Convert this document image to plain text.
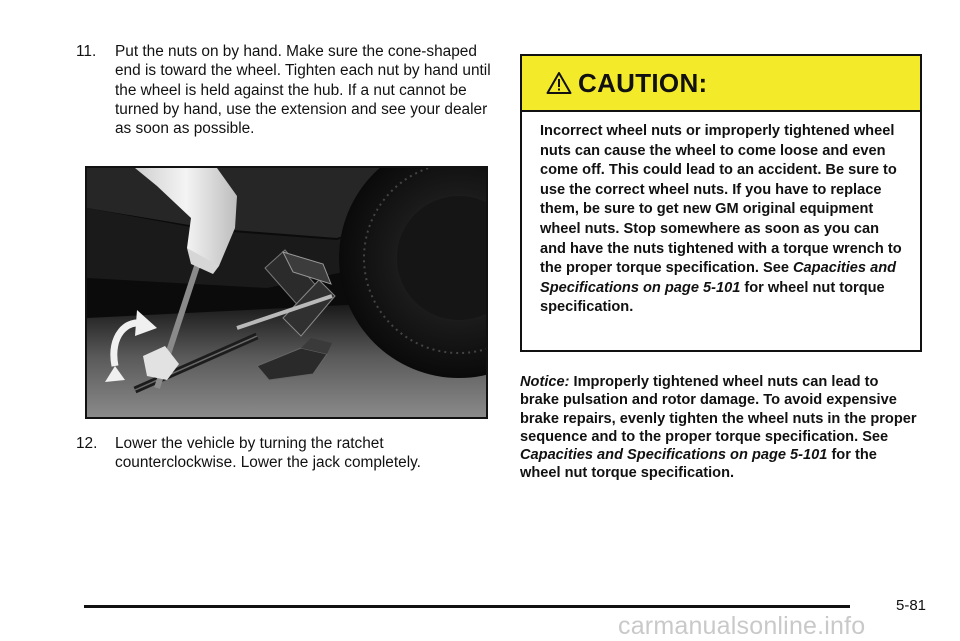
11. Put the nuts on by hand. Make sure the cone-shaped end is toward the wheel. Tighten each nut by hand until the wheel is held against the hub. If a nut cannot be turned by hand, use the extension and see your dealer as soon as possible.
12. Lower the vehicle by turning the ratchet counterclockwise. Lower the jack completely.
CAUTION:
Incorrect wheel nuts or improperly tightened wheel nuts can cause the wheel to come loose and even come off. This could lead to an accident. Be sure to use the correct wheel nuts. If you have to replace them, be sure to get new GM original equipment wheel nuts. Stop somewhere as soon as you can and have the nuts tightened with a torque wrench to the proper torque specification. See Capacities and Specifications on page 5-101 for wheel nut torque specification.
Notice: Improperly tightened wheel nuts can lead to brake pulsation and rotor damage. To avoid expensive brake repairs, evenly tighten the wheel nuts in the proper sequence and to the proper torque specification. See Capacities and Specifications on page 5-101 for the wheel nut torque specification.
5-81
carmanualsonline.info
